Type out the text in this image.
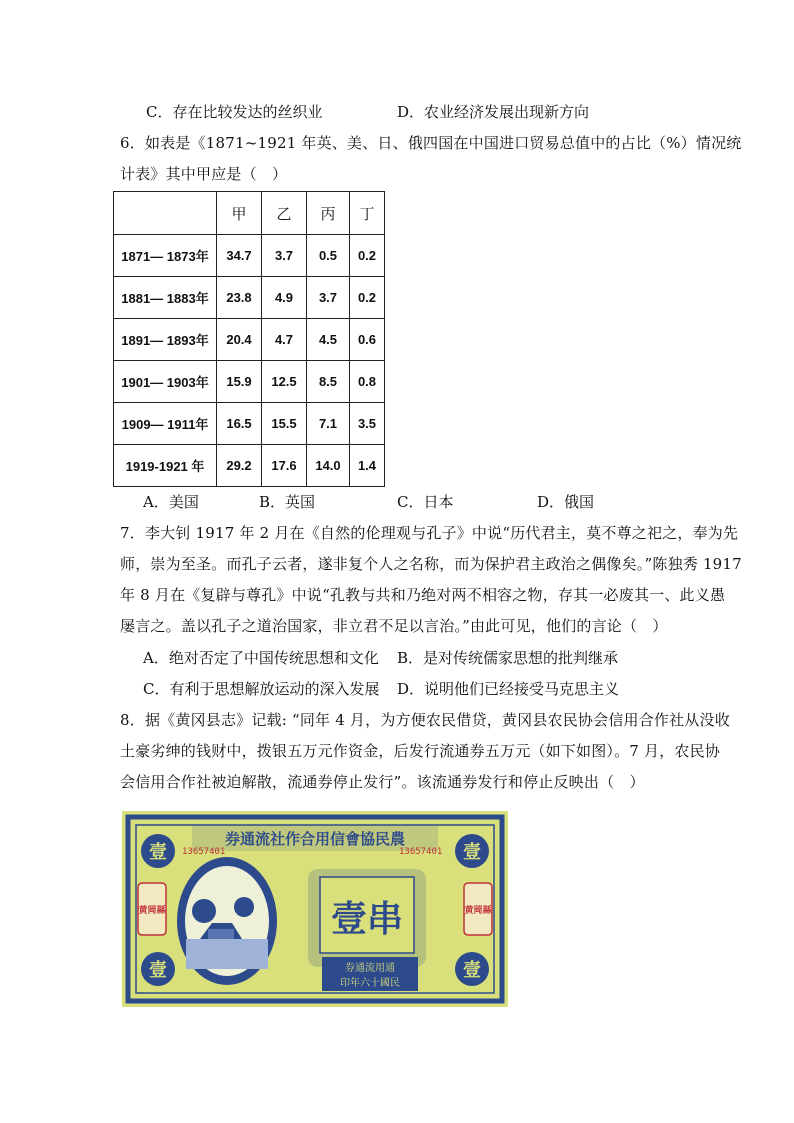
C．存在比较发达的丝织业	D．农业经济发展出现新方向
6．如表是《1871~1921 年英、美、日、俄四国在中国进口贸易总值中的占比（%）情况统
计表》其中甲应是（　）
	甲	乙	丙	丁
1871— 1873年	34.7	3.7	0.5	0.2
1881— 1883年	23.8	4.9	3.7	0.2
1891— 1893年	20.4	4.7	4.5	0.6
1901— 1903年	15.9	12.5	8.5	0.8
1909— 1911年	16.5	15.5	7.1	3.5
1919-1921 年	29.2	17.6	14.0	1.4
A．美国	B．英国	C．日本	D．俄国
7．李大钊 1917 年 2 月在《自然的伦理观与孔子》中说“历代君主，莫不尊之祀之，奉为先
师，崇为至圣。而孔子云者，遂非复个人之名称，而为保护君主政治之偶像矣。”陈独秀 1917
年 8 月在《复辟与尊孔》中说“孔教与共和乃绝对两不相容之物，存其一必废其一、此义愚
屡言之。盖以孔子之道治国家，非立君不足以言治。”由此可见，他们的言论（　）
A．绝对否定了中国传统思想和文化 B．是对传统儒家思想的批判继承
C．有利于思想解放运动的深入发展 D．说明他们已经接受马克思主义
8．据《黄冈县志》记载: “同年 4 月，为方便农民借贷，黄冈县农民协会信用合作社从没收
土豪劣绅的钱财中，拨银五万元作资金，后发行流通券五万元（如下如图）。7 月，农民协
会信用合作社被迫解散，流通券停止发行”。该流通券发行和停止反映出（　）
券通流社作合用信會協民農
13657401	13657401
壹	壹
壹	壹
黄岡縣	黄岡縣
壹串
券通流用通
印年六十國民
